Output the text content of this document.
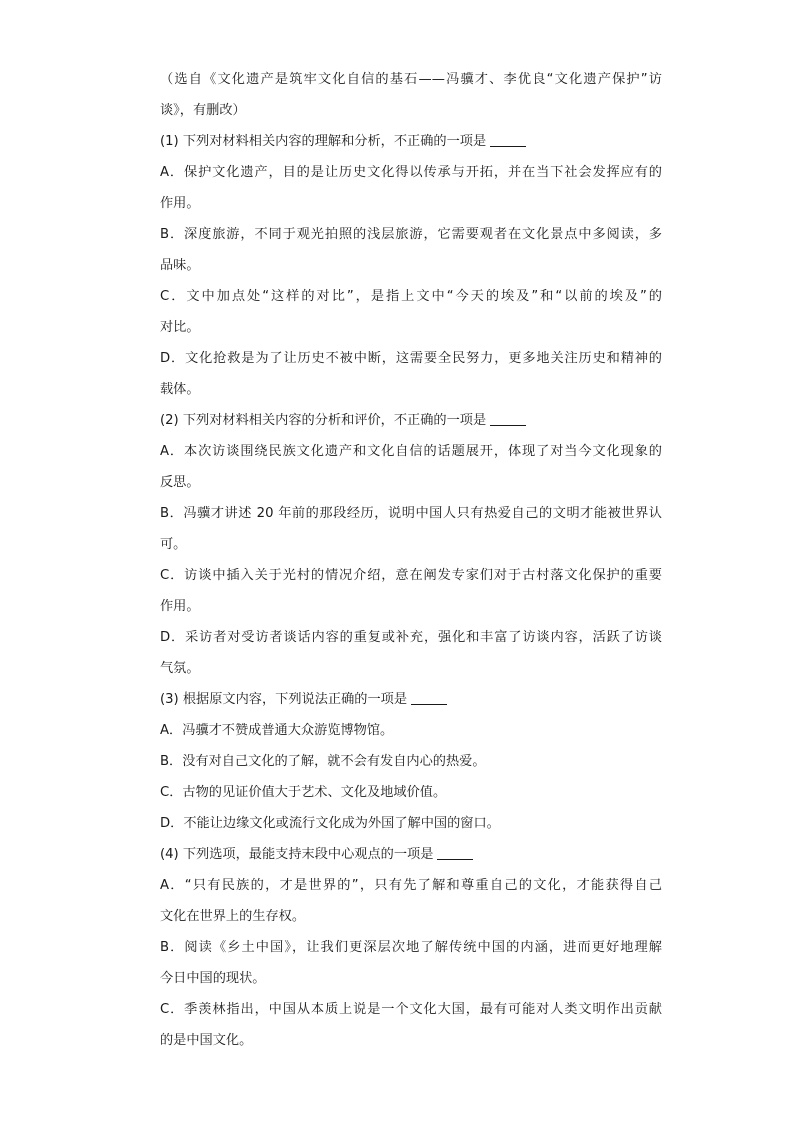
（选自《文化遗产是筑牢文化自信的基石——冯骥才、李优良“文化遗产保护”访
谈》，有删改）
(1) 下列对材料相关内容的理解和分析，不正确的一项是
A．保护文化遗产，目的是让历史文化得以传承与开拓，并在当下社会发挥应有的
作用。
B．深度旅游，不同于观光拍照的浅层旅游，它需要观者在文化景点中多阅读，多
品味。
C．文中加点处“这样的对比”，是指上文中“今天的埃及”和“以前的埃及”的
对比。
D．文化抢救是为了让历史不被中断，这需要全民努力，更多地关注历史和精神的
载体。
(2) 下列对材料相关内容的分析和评价，不正确的一项是
A．本次访谈围绕民族文化遗产和文化自信的话题展开，体现了对当今文化现象的
反思。
B．冯骥才讲述 20 年前的那段经历，说明中国人只有热爱自己的文明才能被世界认
可。
C．访谈中插入关于光村的情况介绍，意在阐发专家们对于古村落文化保护的重要
作用。
D．采访者对受访者谈话内容的重复或补充，强化和丰富了访谈内容，活跃了访谈
气氛。
(3) 根据原文内容，下列说法正确的一项是
A．冯骥才不赞成普通大众游览博物馆。
B．没有对自己文化的了解，就不会有发自内心的热爱。
C．古物的见证价值大于艺术、文化及地域价值。
D．不能让边缘文化或流行文化成为外国了解中国的窗口。
(4) 下列选项，最能支持末段中心观点的一项是
A．“只有民族的，才是世界的”，只有先了解和尊重自己的文化，才能获得自己
文化在世界上的生存权。
B．阅读《乡土中国》，让我们更深层次地了解传统中国的内涵，进而更好地理解
今日中国的现状。
C．季羡林指出，中国从本质上说是一个文化大国，最有可能对人类文明作出贡献
的是中国文化。
